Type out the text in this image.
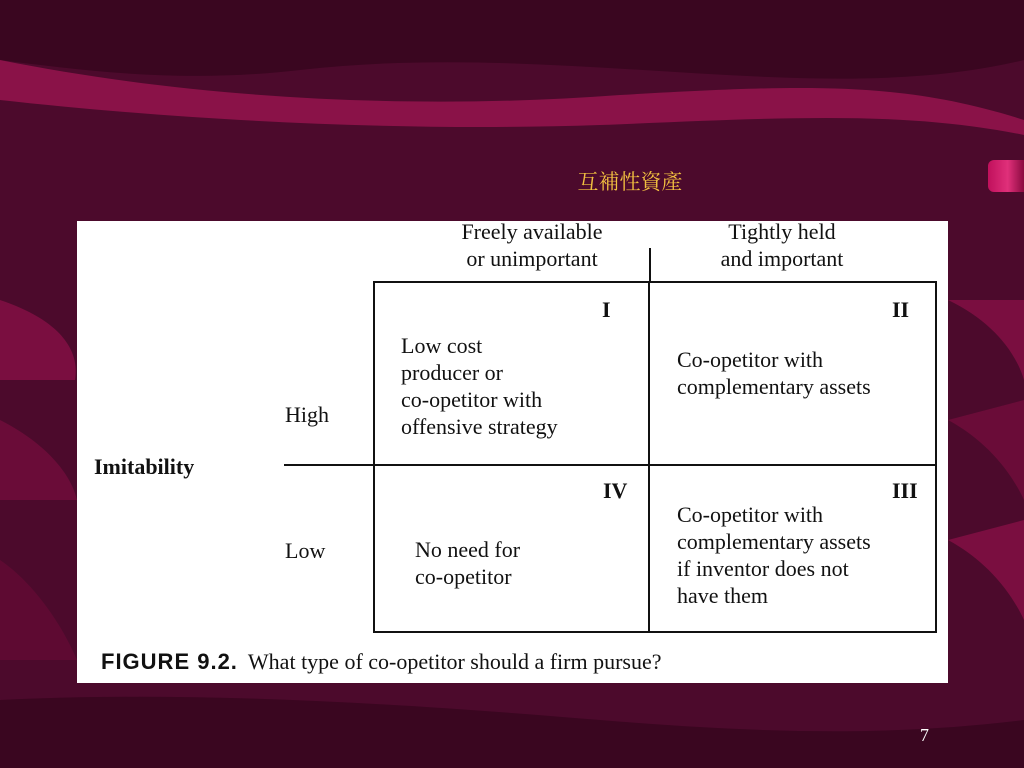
互補性資產
Freely available
or unimportant
Tightly held
and important
Imitability
High
Low
I
Low cost
producer or
co-opetitor with
offensive strategy
II
Co-opetitor with
complementary assets
IV
No need for
co-opetitor
III
Co-opetitor with
complementary assets
if inventor does not
have them
FIGURE 9.2. What type of co-opetitor should a firm pursue?
7
